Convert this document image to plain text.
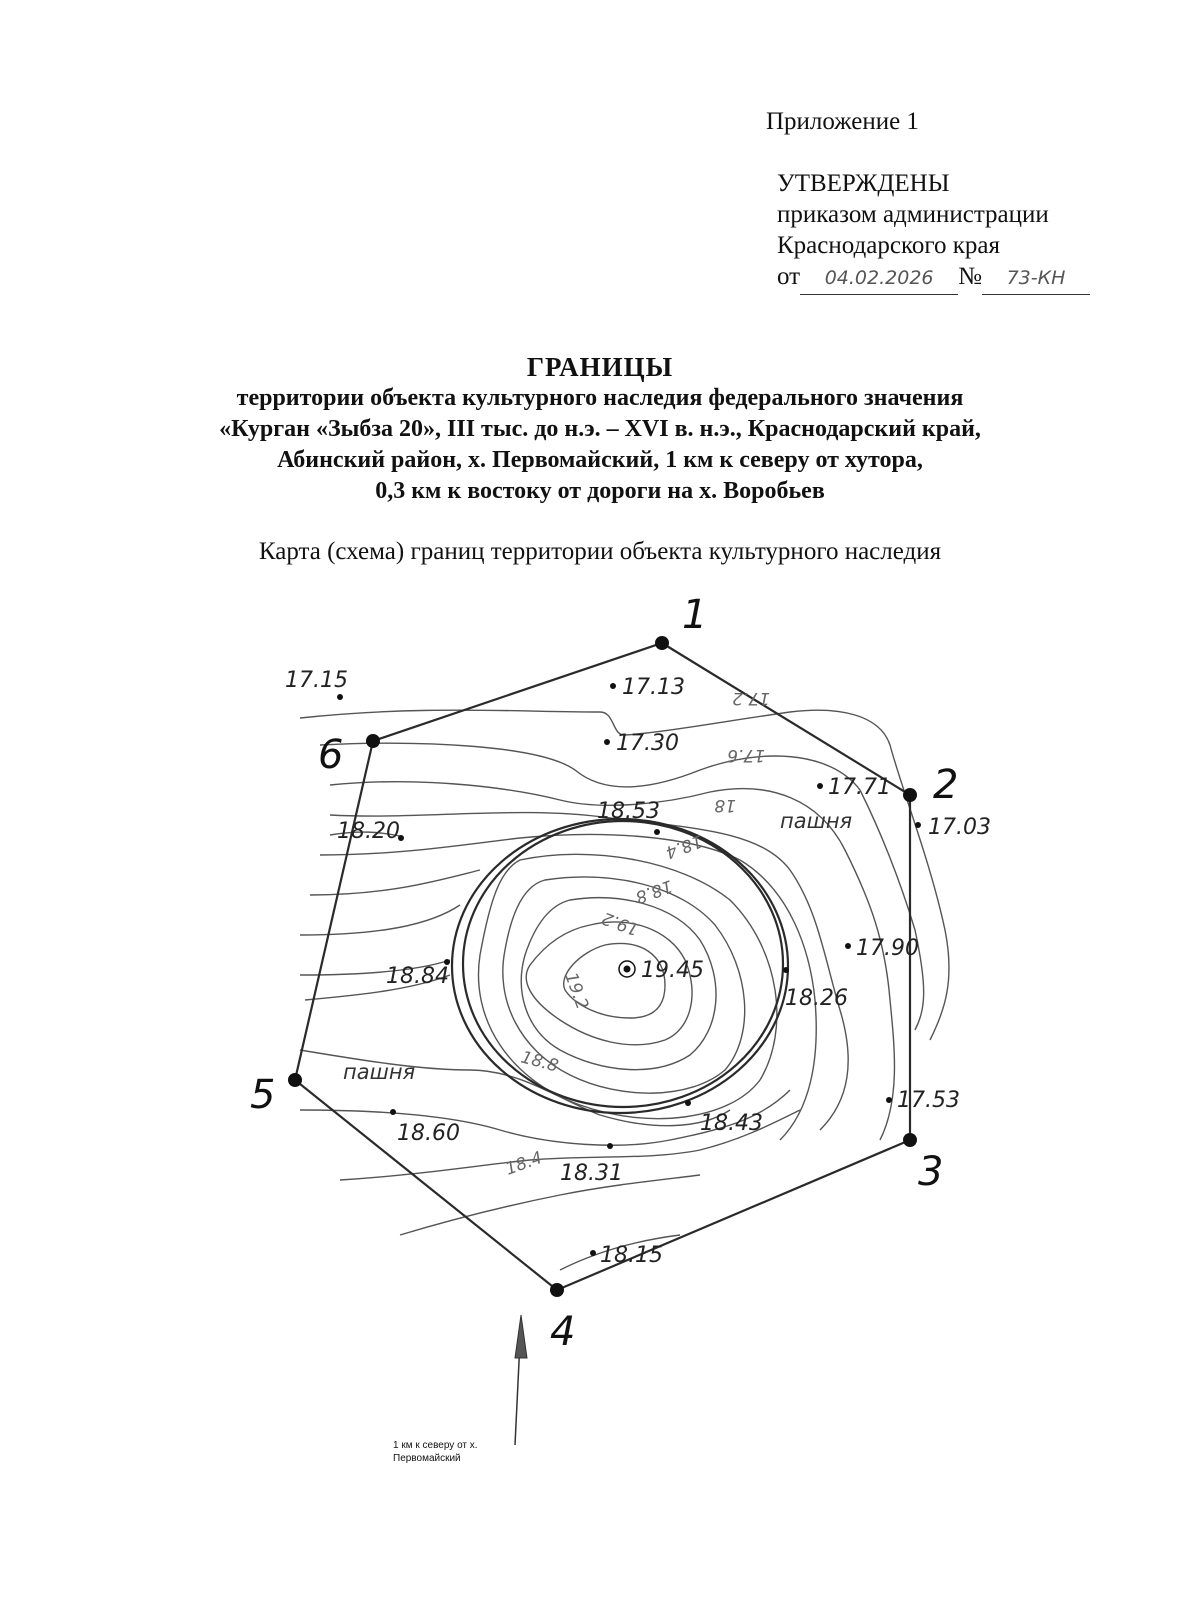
Приложение 1
УТВЕРЖДЕНЫ
приказом администрации
Краснодарского края
от 04.02.2026 № 73-КН
ГРАНИЦЫ
территории объекта культурного наследия федерального значения
«Курган «Зыбза 20», III тыс. до н.э. – XVI в. н.э., Краснодарский край,
Абинский район, х. Первомайский, 1 км к северу от хутора,
0,3 км к востоку от дороги на х. Воробьев
Карта (схема) границ территории объекта культурного наследия
1
2
3
4
5
6
17.15	17.13
17.30
17.71
17.03
18.53
18.20
17.90
18.84	19.45
18.26
17.53
18.43
18.60
18.31
18.15
17.2
17.6
18
18.4
18.8
19.2
19.2
18.8
18.4
пашня
пашня
1 км к северу от х.
Первомайский
